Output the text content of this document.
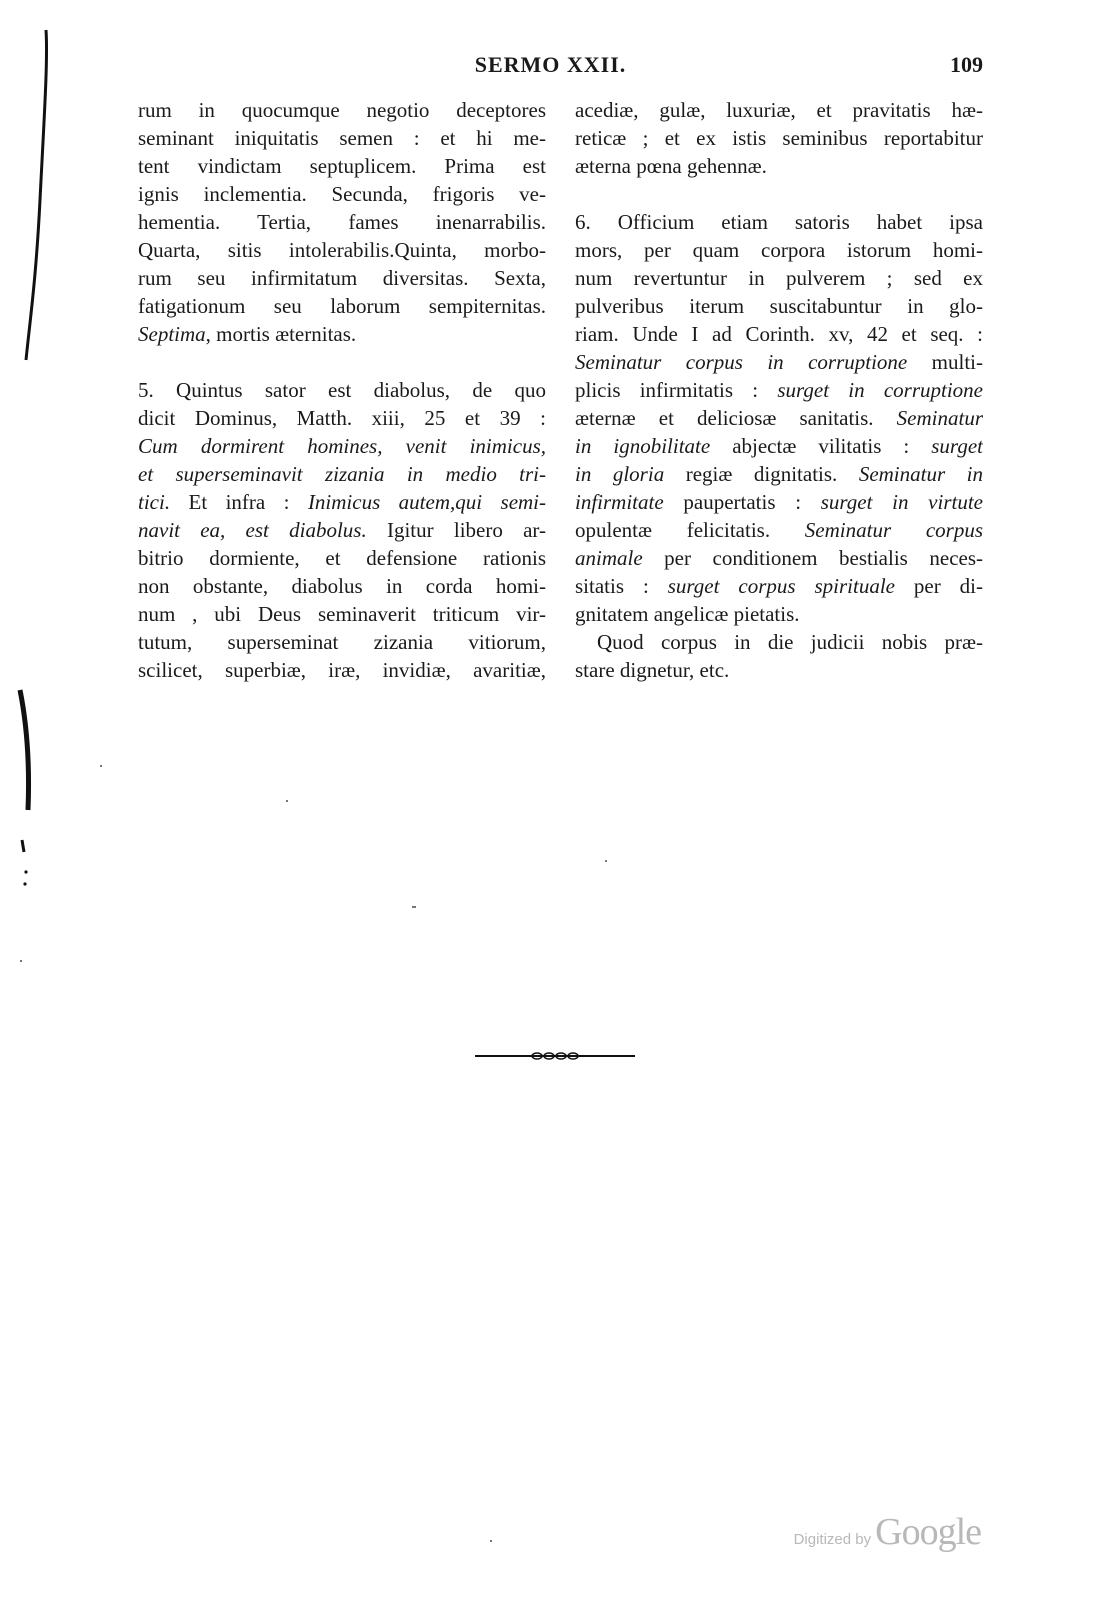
SERMO XXII.	109
rum in quocumque negotio deceptores
seminant iniquitatis semen : et hi me-
tent vindictam septuplicem. Prima est
ignis inclementia. Secunda, frigoris ve-
hementia. Tertia, fames inenarrabilis.
Quarta, sitis intolerabilis.Quinta, morbo-
rum seu infirmitatum diversitas. Sexta,
fatigationum seu laborum sempiternitas.
Septima, mortis æternitas.
5. Quintus sator est diabolus, de quo
dicit Dominus, Matth. xiii, 25 et 39 :
Cum dormirent homines, venit inimicus,
et superseminavit zizania in medio tri-
tici. Et infra : Inimicus autem,qui semi-
navit ea, est diabolus. Igitur libero ar-
bitrio dormiente, et defensione rationis
non obstante, diabolus in corda homi-
num , ubi Deus seminaverit triticum vir-
tutum, superseminat zizania vitiorum,
scilicet, superbiæ, iræ, invidiæ, avaritiæ,
acediæ, gulæ, luxuriæ, et pravitatis hæ-
reticæ ; et ex istis seminibus reportabitur
æterna pœna gehennæ.
6. Officium etiam satoris habet ipsa
mors, per quam corpora istorum homi-
num revertuntur in pulverem ; sed ex
pulveribus iterum suscitabuntur in glo-
riam. Unde I ad Corinth. xv, 42 et seq. :
Seminatur corpus in corruptione multi-
plicis infirmitatis : surget in corruptione
æternæ et deliciosæ sanitatis. Seminatur
in ignobilitate abjectæ vilitatis : surget
in gloria regiæ dignitatis. Seminatur in
infirmitate paupertatis : surget in virtute
opulentæ felicitatis. Seminatur corpus
animale per conditionem bestialis neces-
sitatis : surget corpus spirituale per di-
gnitatem angelicæ pietatis.
Quod corpus in die judicii nobis præ-
stare dignetur, etc.
Digitized by Google
